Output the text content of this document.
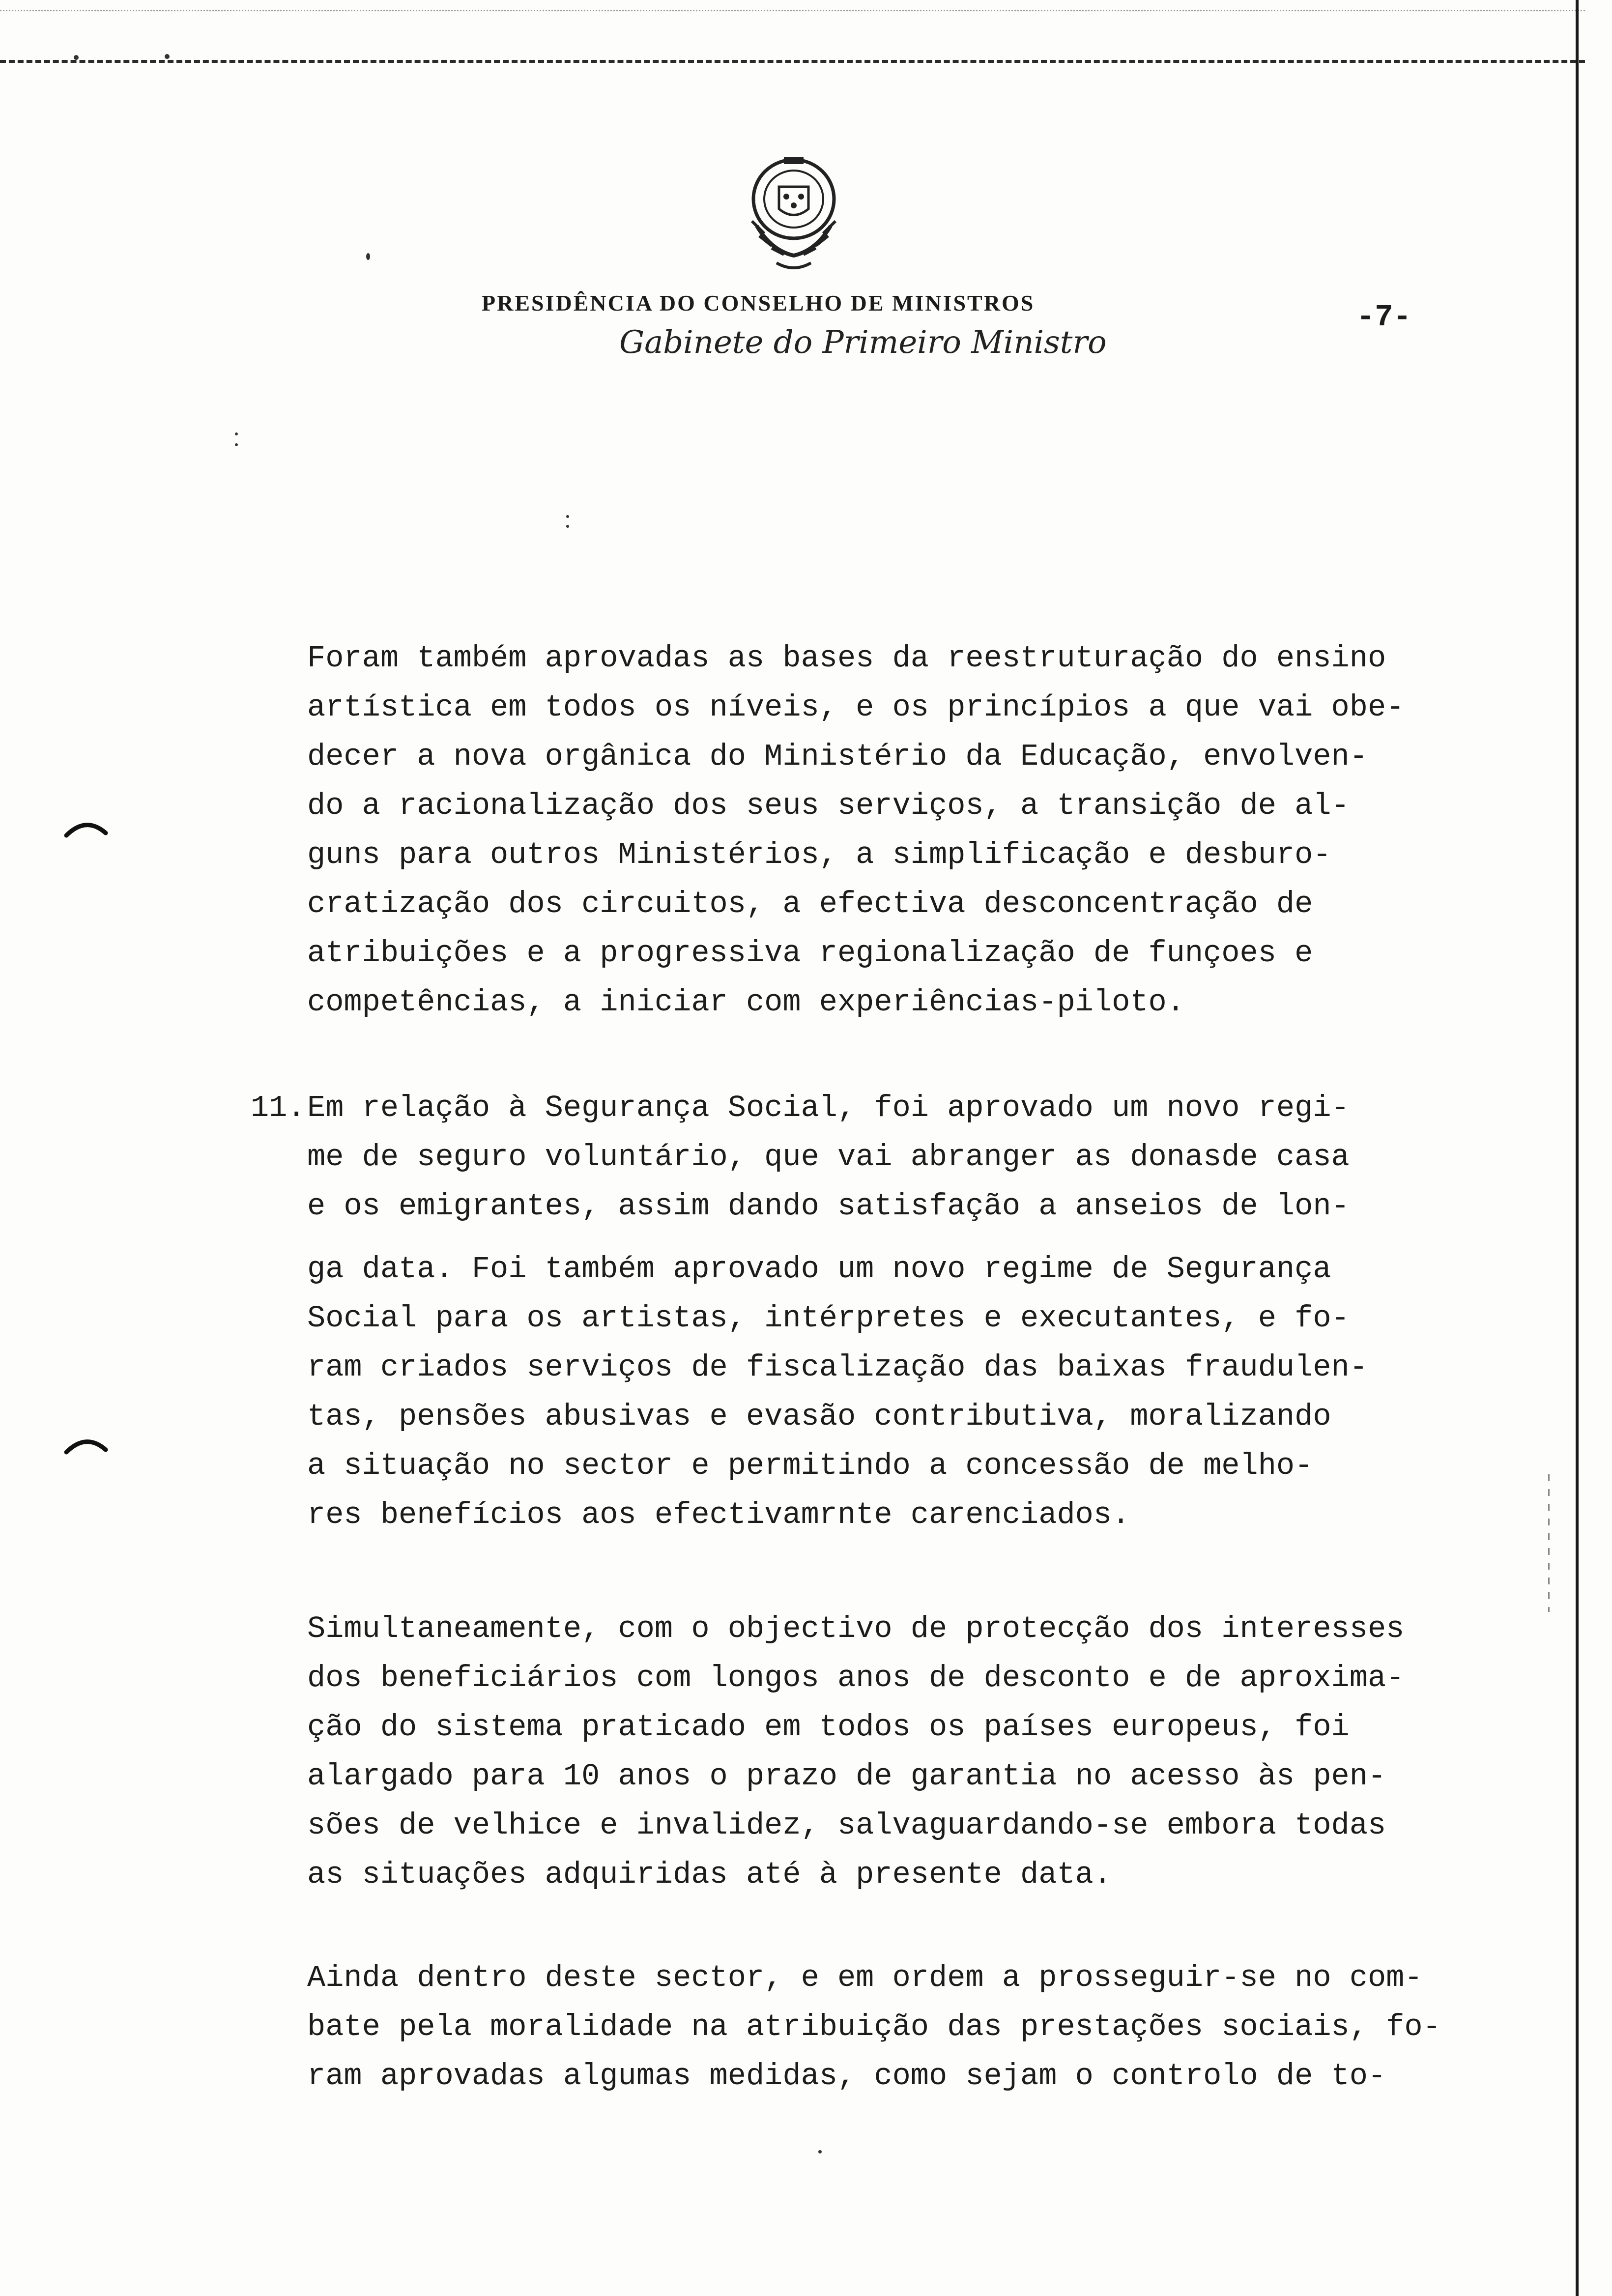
PRESIDÊNCIA DO CONSELHO DE MINISTROS
Gabinete do Primeiro Ministro
-7-
Foram também aprovadas as bases da reestruturação do ensino
artística em todos os níveis, e os princípios a que vai obe-
decer a nova orgânica do Ministério da Educação, envolven-
do a racionalização dos seus serviços, a transição de al-
guns para outros Ministérios, a simplificação e desburo-
cratização dos circuitos, a efectiva desconcentração de
atribuições e a progressiva regionalização de funçoes e
competências, a iniciar com experiências-piloto.
11. Em relação à Segurança Social, foi aprovado um novo regi-
me de seguro voluntário, que vai abranger as donasde casa
e os emigrantes, assim dando satisfação a anseios de lon-
ga data. Foi também aprovado um novo regime de Segurança
Social para os artistas, intérpretes e executantes, e fo-
ram criados serviços de fiscalização das baixas fraudulen-
tas, pensões abusivas e evasão contributiva, moralizando
a situação no sector e permitindo a concessão de melho-
res benefícios aos efectivamrnte carenciados.
Simultaneamente, com o objectivo de protecção dos interesses
dos beneficiários com longos anos de desconto e de aproxima-
ção do sistema praticado em todos os países europeus, foi
alargado para 10 anos o prazo de garantia no acesso às pen-
sões de velhice e invalidez, salvaguardando-se embora todas
as situações adquiridas até à presente data.
Ainda dentro deste sector, e em ordem a prosseguir-se no com-
bate pela moralidade na atribuição das prestações sociais, fo-
ram aprovadas algumas medidas, como sejam o controlo de to-
